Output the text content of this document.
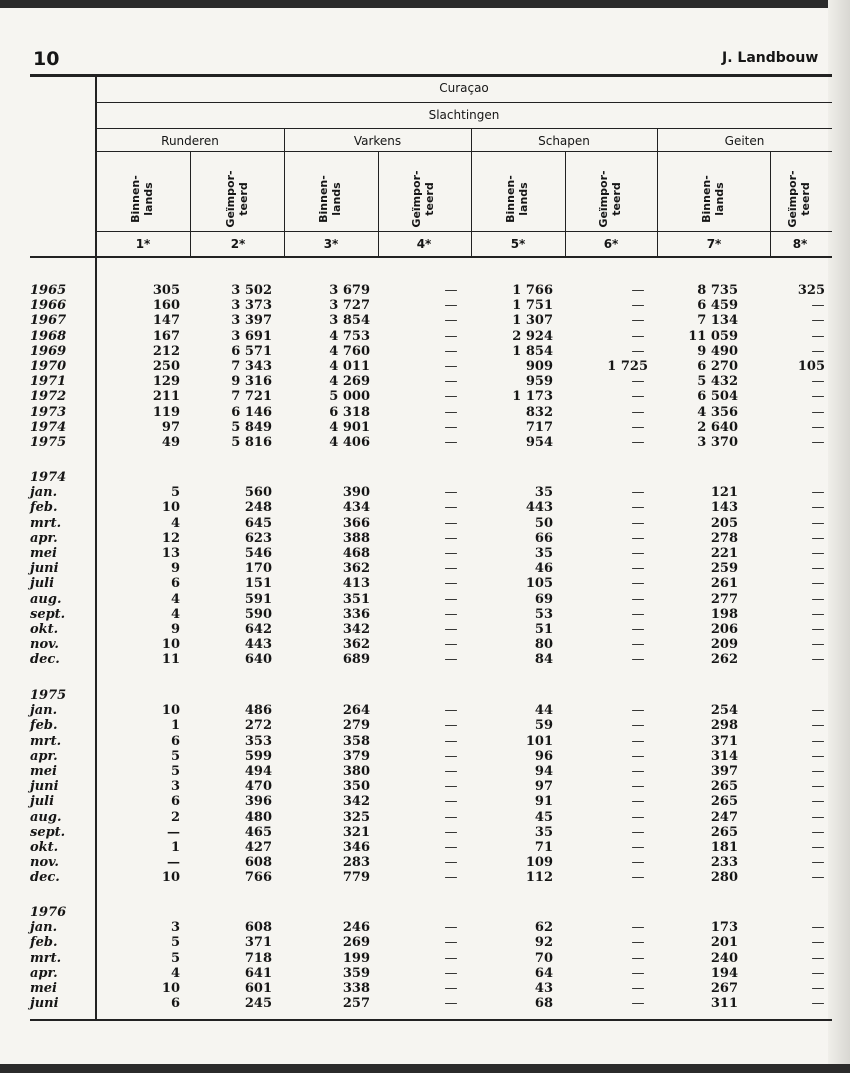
10	J. Landbouw
Curaçao
Slachtingen
Runderen	Varkens	Schapen	Geiten
Binnen- lands	Geïmpor- teerd	Binnen- lands	Geïmpor- teerd	Binnen- lands	Geïmpor- teerd	Binnen- lands	Geïmpor- teerd
1*	2*	3*	4*	5*	6*	7*	8*
1965	305	3 502	3 679	—	1 766	—	8 735	325
1966	160	3 373	3 727	—	1 751	—	6 459	—
1967	147	3 397	3 854	—	1 307	—	7 134	—
1968	167	3 691	4 753	—	2 924	—	11 059	—
1969	212	6 571	4 760	—	1 854	—	9 490	—
1970	250	7 343	4 011	—	909	1 725	6 270	105
1971	129	9 316	4 269	—	959	—	5 432	—
1972	211	7 721	5 000	—	1 173	—	6 504	—
1973	119	6 146	6 318	—	832	—	4 356	—
1974	97	5 849	4 901	—	717	—	2 640	—
1975	49	5 816	4 406	—	954	—	3 370	—
1974
jan.	5	560	390	—	35	—	121	—
feb.	10	248	434	—	443	—	143	—
mrt.	4	645	366	—	50	—	205	—
apr.	12	623	388	—	66	—	278	—
mei	13	546	468	—	35	—	221	—
juni	9	170	362	—	46	—	259	—
juli	6	151	413	—	105	—	261	—
aug.	4	591	351	—	69	—	277	—
sept.	4	590	336	—	53	—	198	—
okt.	9	642	342	—	51	—	206	—
nov.	10	443	362	—	80	—	209	—
dec.	11	640	689	—	84	—	262	—
1975
jan.	10	486	264	—	44	—	254	—
feb.	1	272	279	—	59	—	298	—
mrt.	6	353	358	—	101	—	371	—
apr.	5	599	379	—	96	—	314	—
mei	5	494	380	—	94	—	397	—
juni	3	470	350	—	97	—	265	—
juli	6	396	342	—	91	—	265	—
aug.	2	480	325	—	45	—	247	—
sept.	—	465	321	—	35	—	265	—
okt.	1	427	346	—	71	—	181	—
nov.	—	608	283	—	109	—	233	—
dec.	10	766	779	—	112	—	280	—
1976
jan.	3	608	246	—	62	—	173	—
feb.	5	371	269	—	92	—	201	—
mrt.	5	718	199	—	70	—	240	—
apr.	4	641	359	—	64	—	194	—
mei	10	601	338	—	43	—	267	—
juni	6	245	257	—	68	—	311	—
